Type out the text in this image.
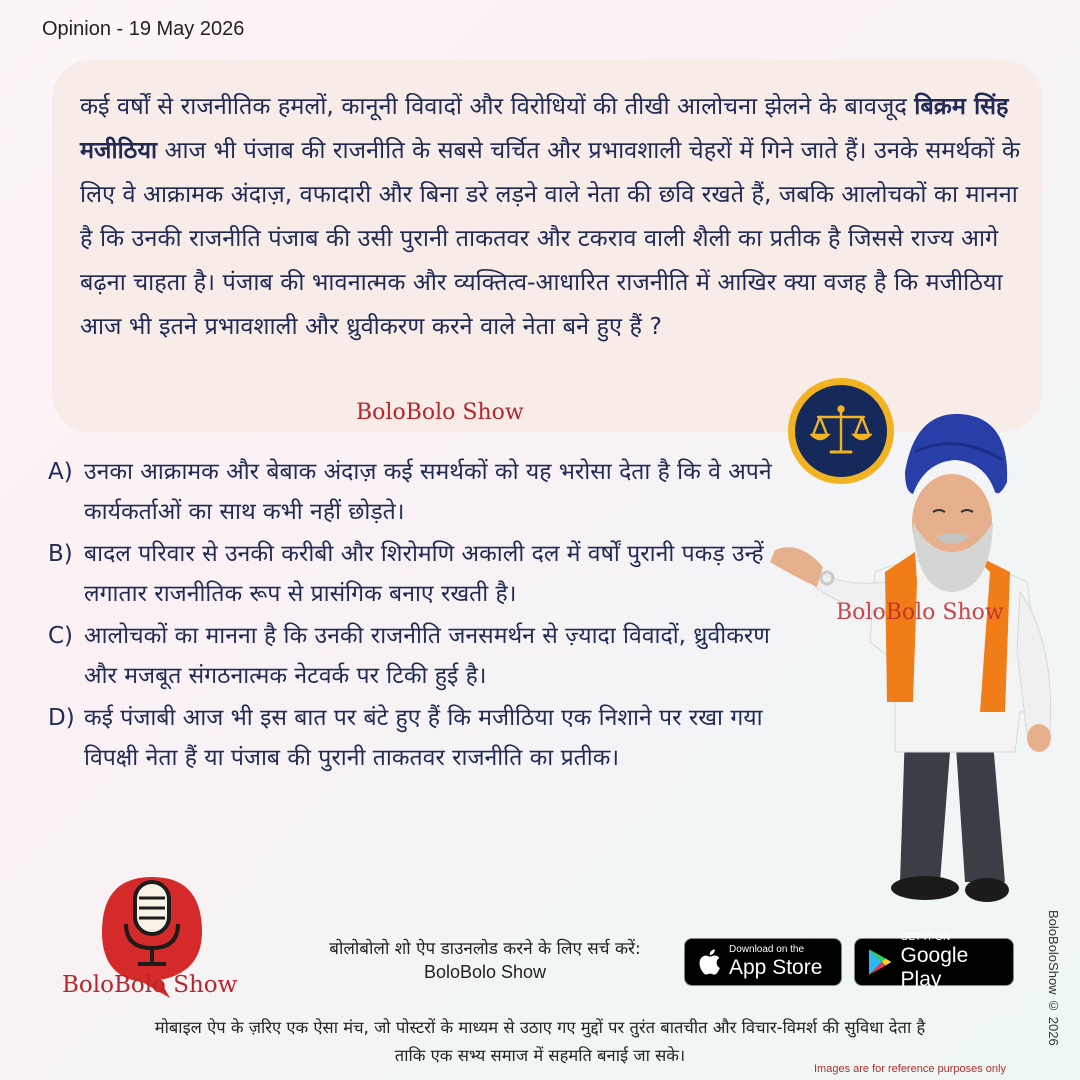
Opinion - 19 May 2026
कई वर्षों से राजनीतिक हमलों, कानूनी विवादों और विरोधियों की तीखी आलोचना झेलने के बावजूद बिक्रम सिंह मजीठिया आज भी पंजाब की राजनीति के सबसे चर्चित और प्रभावशाली चेहरों में गिने जाते हैं। उनके समर्थकों के लिए वे आक्रामक अंदाज़, वफादारी और बिना डरे लड़ने वाले नेता की छवि रखते हैं, जबकि आलोचकों का मानना है कि उनकी राजनीति पंजाब की उसी पुरानी ताकतवर और टकराव वाली शैली का प्रतीक है जिससे राज्य आगे बढ़ना चाहता है। पंजाब की भावनात्मक और व्यक्तित्व-आधारित राजनीति में आखिर क्या वजह है कि मजीठिया आज भी इतने प्रभावशाली और ध्रुवीकरण करने वाले नेता बने हुए हैं ?
BoloBolo Show
A) उनका आक्रामक और बेबाक अंदाज़ कई समर्थकों को यह भरोसा देता है कि वे अपने कार्यकर्ताओं का साथ कभी नहीं छोड़ते।
B) बादल परिवार से उनकी करीबी और शिरोमणि अकाली दल में वर्षों पुरानी पकड़ उन्हें लगातार राजनीतिक रूप से प्रासंगिक बनाए रखती है।
C) आलोचकों का मानना है कि उनकी राजनीति जनसमर्थन से ज़्यादा विवादों, ध्रुवीकरण और मजबूत संगठनात्मक नेटवर्क पर टिकी हुई है।
D) कई पंजाबी आज भी इस बात पर बंटे हुए हैं कि मजीठिया एक निशाने पर रखा गया विपक्षी नेता हैं या पंजाब की पुरानी ताकतवर राजनीति का प्रतीक।
BoloBolo Show
BoloBolo Show
बोलोबोलो शो ऐप डाउनलोड करने के लिए सर्च करें:
BoloBolo Show
Download on the
App Store
GET IT ON
Google Play
मोबाइल ऐप के ज़रिए एक ऐसा मंच, जो पोस्टरों के माध्यम से उठाए गए मुद्दों पर तुरंत बातचीत और विचार-विमर्श की सुविधा देता है
ताकि एक सभ्य समाज में सहमति बनाई जा सके।
BoloBoloShow © 2026
Images are for reference purposes only
